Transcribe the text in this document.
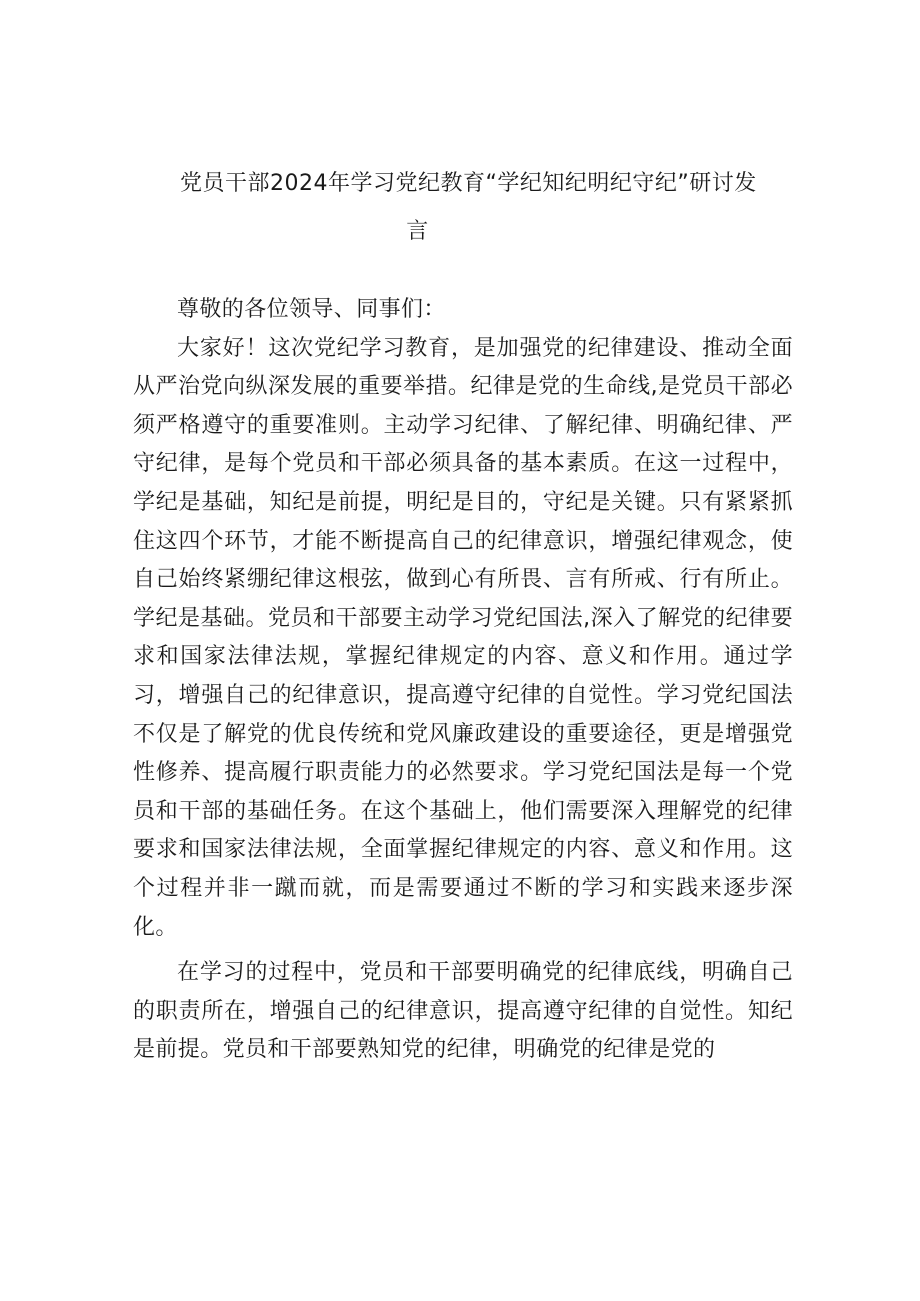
党员干部2024年学习党纪教育“学纪知纪明纪守纪”研讨发
言

尊敬的各位领导、同事们：

大家好！这次党纪学习教育，是加强党的纪律建设、推动全面从严治党向纵深发展的重要举措。纪律是党的生命线,是党员干部必须严格遵守的重要准则。主动学习纪律、了解纪律、明确纪律、严守纪律，是每个党员和干部必须具备的基本素质。在这一过程中，学纪是基础，知纪是前提，明纪是目的，守纪是关键。只有紧紧抓住这四个环节，才能不断提高自己的纪律意识，增强纪律观念，使自己始终紧绷纪律这根弦，做到心有所畏、言有所戒、行有所止。学纪是基础。党员和干部要主动学习党纪国法,深入了解党的纪律要求和国家法律法规，掌握纪律规定的内容、意义和作用。通过学习，增强自己的纪律意识，提高遵守纪律的自觉性。学习党纪国法不仅是了解党的优良传统和党风廉政建设的重要途径，更是增强党性修养、提高履行职责能力的必然要求。学习党纪国法是每一个党员和干部的基础任务。在这个基础上，他们需要深入理解党的纪律要求和国家法律法规，全面掌握纪律规定的内容、意义和作用。这个过程并非一蹴而就，而是需要通过不断的学习和实践来逐步深化。

在学习的过程中，党员和干部要明确党的纪律底线，明确自己的职责所在，增强自己的纪律意识，提高遵守纪律的自觉性。知纪是前提。党员和干部要熟知党的纪律，明确党的纪律是党的
